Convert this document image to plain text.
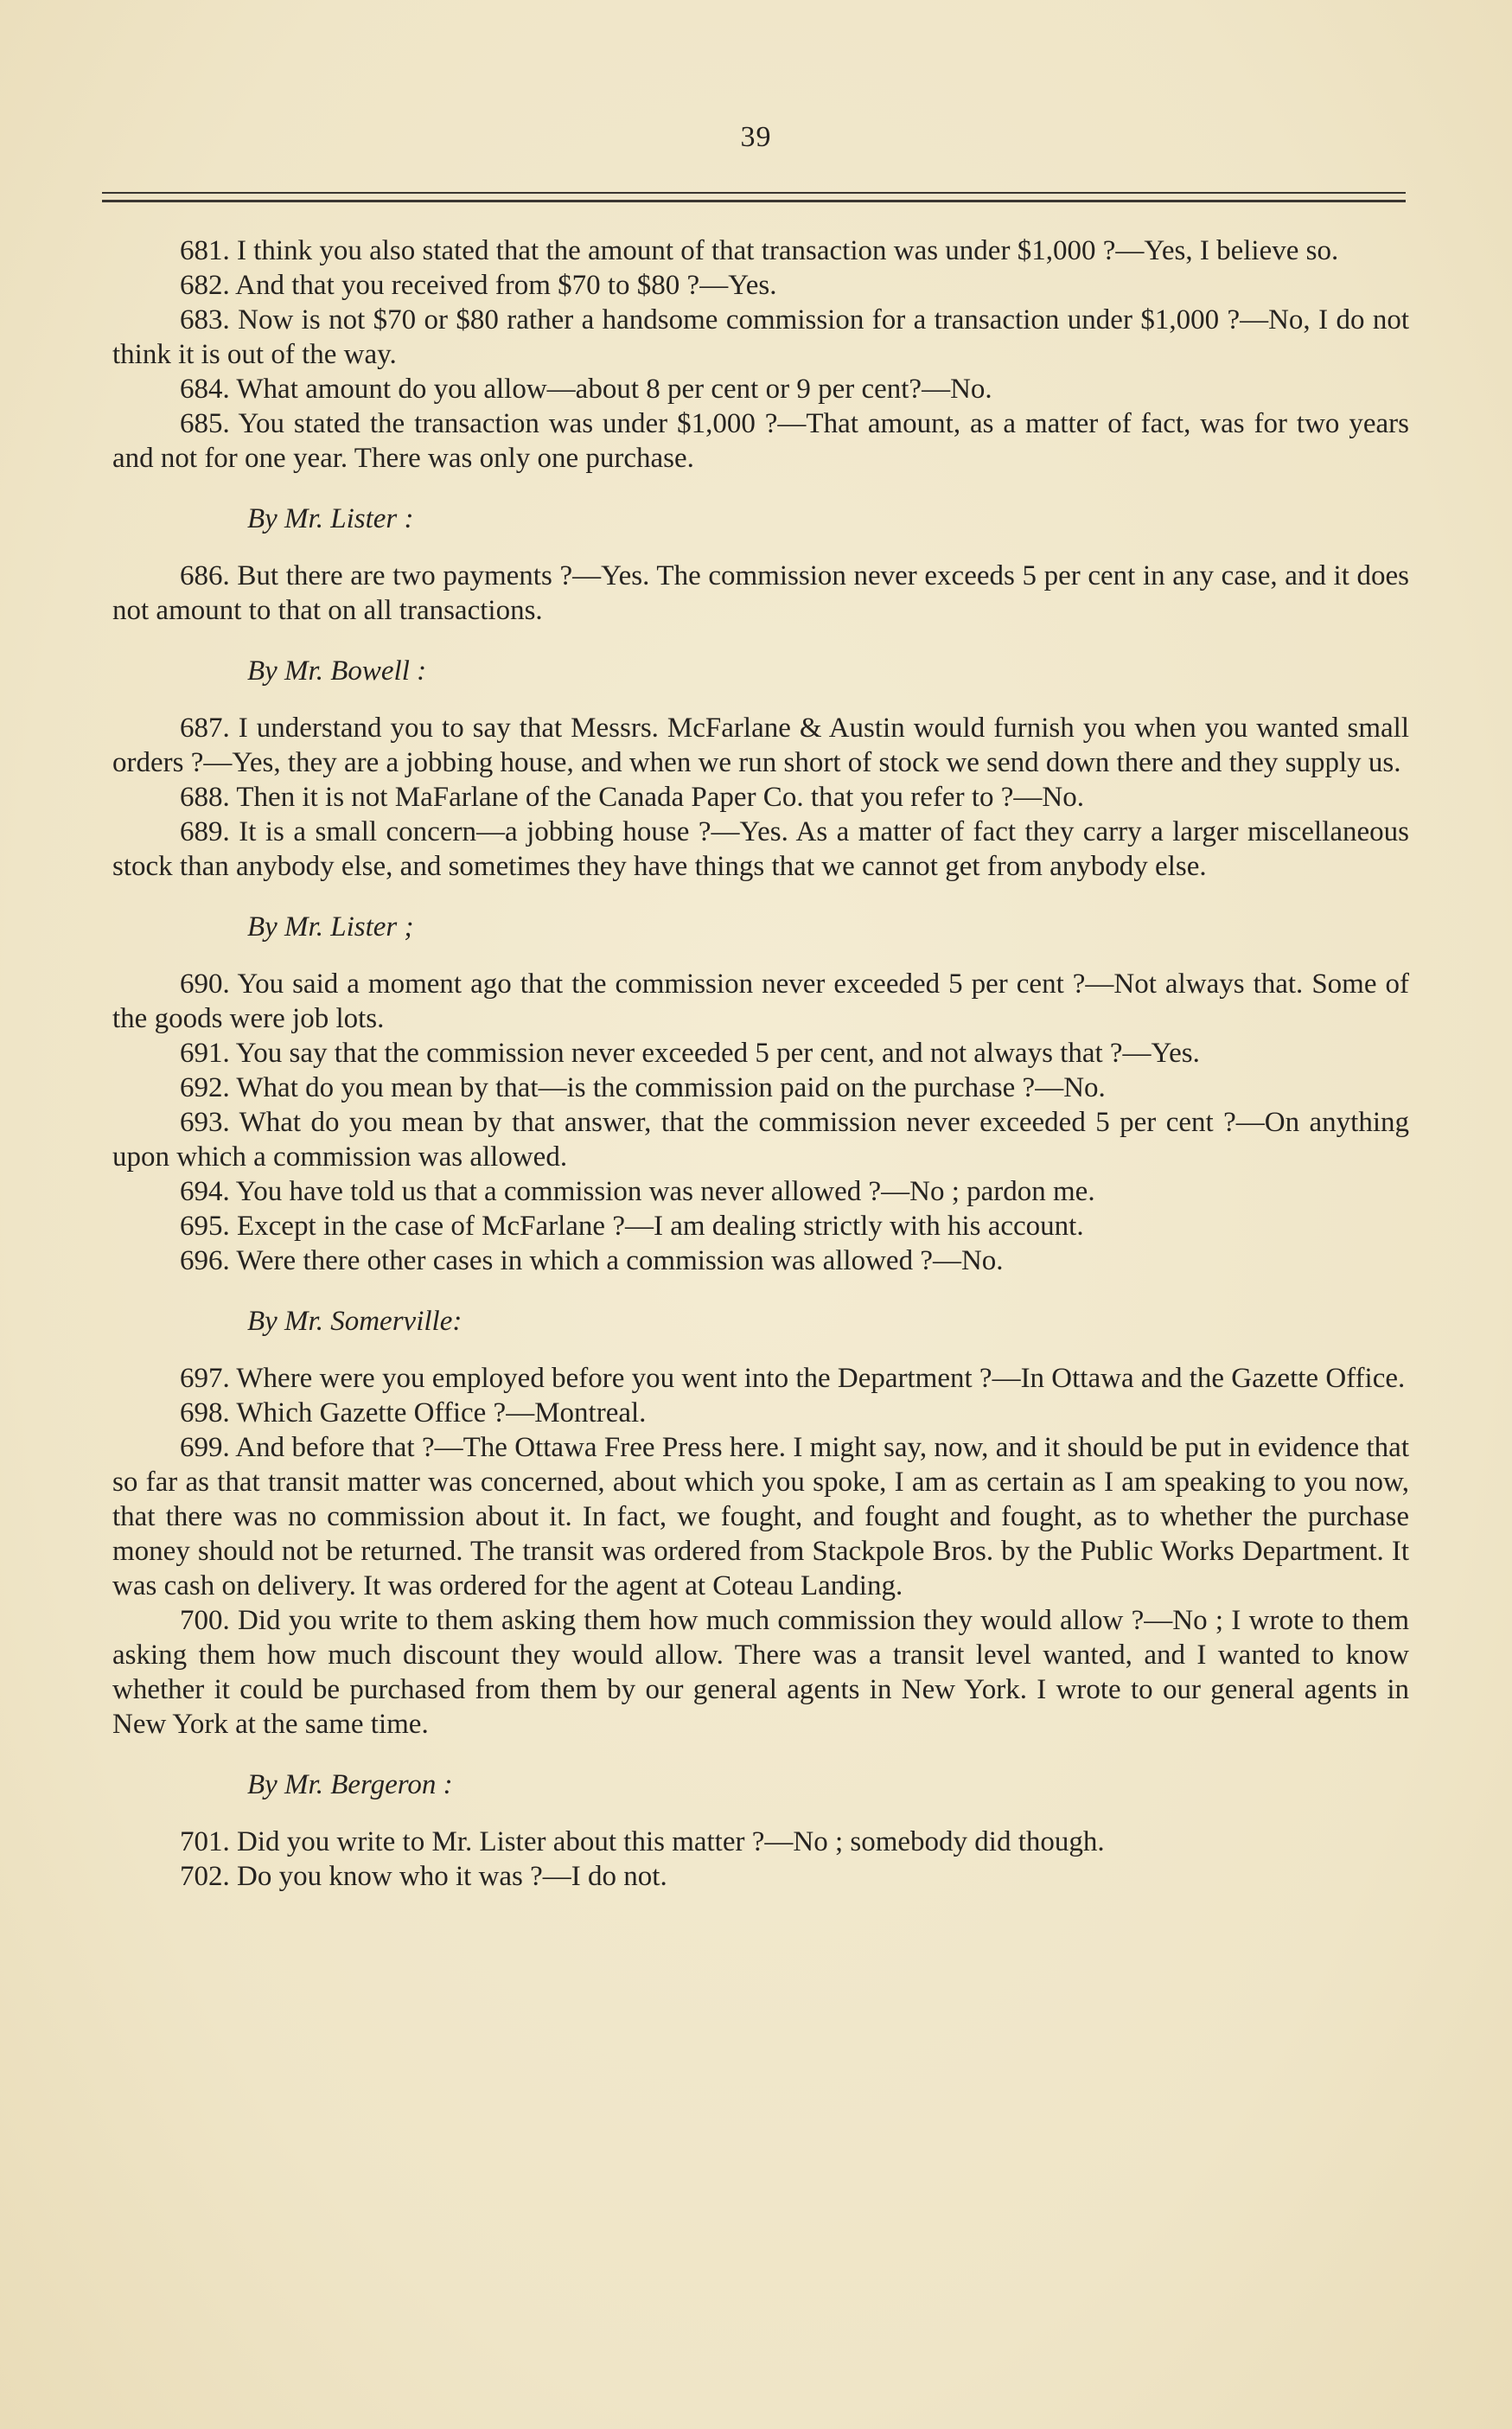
39

681. I think you also stated that the amount of that transaction was under $1,000 ?—Yes, I believe so.

682. And that you received from $70 to $80 ?—Yes.

683. Now is not $70 or $80 rather a handsome commission for a transaction under $1,000 ?—No, I do not think it is out of the way.

684. What amount do you allow—about 8 per cent or 9 per cent?—No.

685. You stated the transaction was under $1,000 ?—That amount, as a matter of fact, was for two years and not for one year. There was only one purchase.

By Mr. Lister :

686. But there are two payments ?—Yes. The commission never exceeds 5 per cent in any case, and it does not amount to that on all transactions.

By Mr. Bowell :

687. I understand you to say that Messrs. McFarlane & Austin would furnish you when you wanted small orders ?—Yes, they are a jobbing house, and when we run short of stock we send down there and they supply us.

688. Then it is not MaFarlane of the Canada Paper Co. that you refer to ?—No.

689. It is a small concern—a jobbing house ?—Yes. As a matter of fact they carry a larger miscellaneous stock than anybody else, and sometimes they have things that we cannot get from anybody else.

By Mr. Lister ;

690. You said a moment ago that the commission never exceeded 5 per cent ?—Not always that. Some of the goods were job lots.

691. You say that the commission never exceeded 5 per cent, and not always that ?—Yes.

692. What do you mean by that—is the commission paid on the purchase ?—No.

693. What do you mean by that answer, that the commission never exceeded 5 per cent ?—On anything upon which a commission was allowed.

694. You have told us that a commission was never allowed ?—No ; pardon me.

695. Except in the case of McFarlane ?—I am dealing strictly with his account.

696. Were there other cases in which a commission was allowed ?—No.

By Mr. Somerville:

697. Where were you employed before you went into the Department ?—In Ottawa and the Gazette Office.

698. Which Gazette Office ?—Montreal.

699. And before that ?—The Ottawa Free Press here. I might say, now, and it should be put in evidence that so far as that transit matter was concerned, about which you spoke, I am as certain as I am speaking to you now, that there was no commission about it. In fact, we fought, and fought and fought, as to whether the purchase money should not be returned. The transit was ordered from Stackpole Bros. by the Public Works Department. It was cash on delivery. It was ordered for the agent at Coteau Landing.

700. Did you write to them asking them how much commission they would allow ?—No ; I wrote to them asking them how much discount they would allow. There was a transit level wanted, and I wanted to know whether it could be purchased from them by our general agents in New York. I wrote to our general agents in New York at the same time.

By Mr. Bergeron :

701. Did you write to Mr. Lister about this matter ?—No ; somebody did though.

702. Do you know who it was ?—I do not.
